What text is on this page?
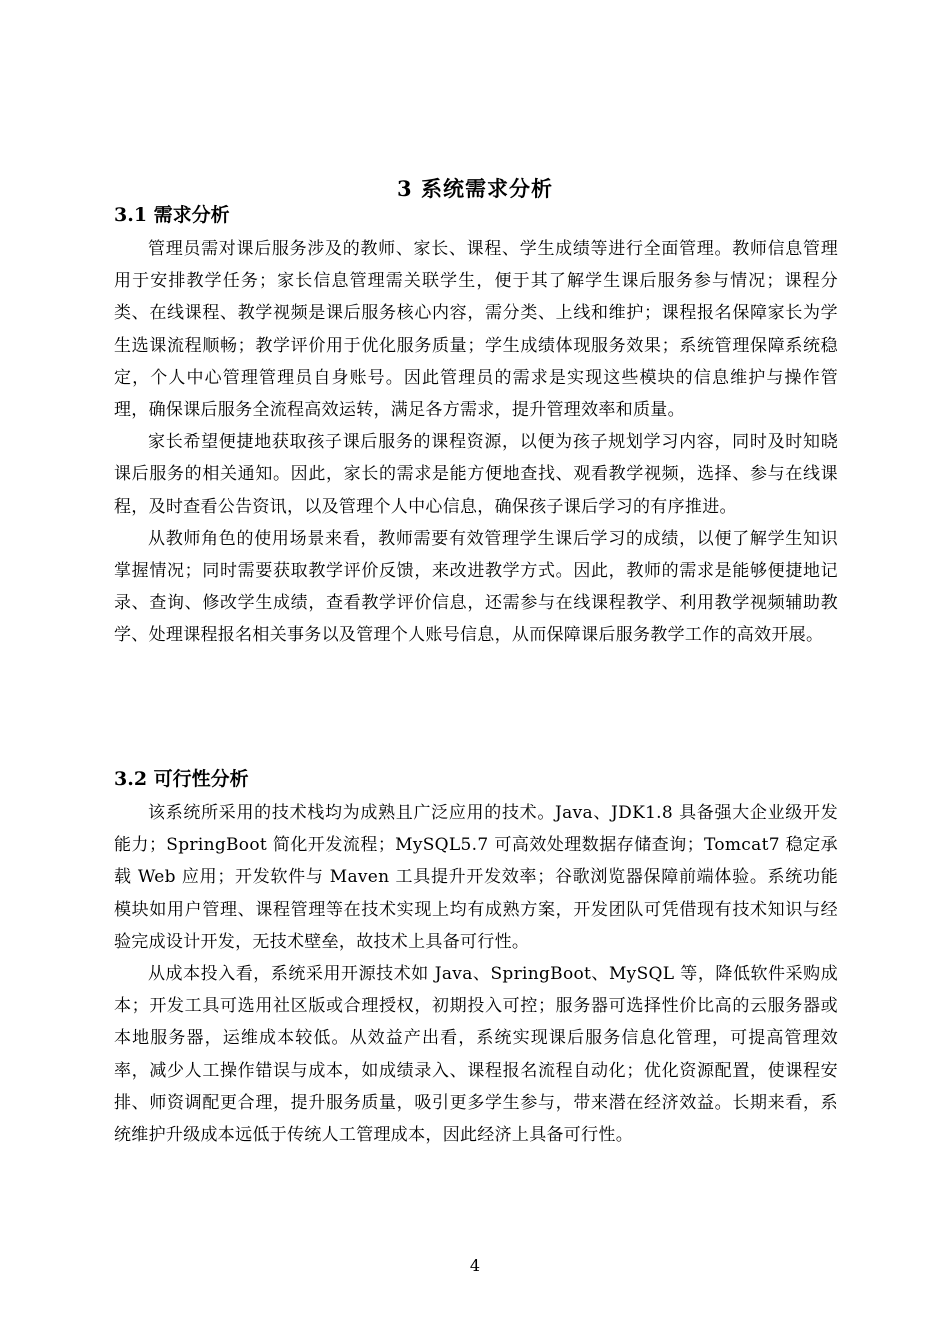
3 系统需求分析
3.1 需求分析

管理员需对课后服务涉及的教师、家长、课程、学生成绩等进行全面管理。教师信息管理用于安排教学任务；家长信息管理需关联学生，便于其了解学生课后服务参与情况；课程分类、在线课程、教学视频是课后服务核心内容，需分类、上线和维护；课程报名保障家长为学生选课流程顺畅；教学评价用于优化服务质量；学生成绩体现服务效果；系统管理保障系统稳定，个人中心管理管理员自身账号。因此管理员的需求是实现这些模块的信息维护与操作管理，确保课后服务全流程高效运转，满足各方需求，提升管理效率和质量。

家长希望便捷地获取孩子课后服务的课程资源，以便为孩子规划学习内容，同时及时知晓课后服务的相关通知。因此，家长的需求是能方便地查找、观看教学视频，选择、参与在线课程，及时查看公告资讯，以及管理个人中心信息，确保孩子课后学习的有序推进。

从教师角色的使用场景来看，教师需要有效管理学生课后学习的成绩，以便了解学生知识掌握情况；同时需要获取教学评价反馈，来改进教学方式。因此，教师的需求是能够便捷地记录、查询、修改学生成绩，查看教学评价信息，还需参与在线课程教学、利用教学视频辅助教学、处理课程报名相关事务以及管理个人账号信息，从而保障课后服务教学工作的高效开展。

3.2 可行性分析

该系统所采用的技术栈均为成熟且广泛应用的技术。Java、JDK1.8 具备强大企业级开发能力；SpringBoot 简化开发流程；MySQL5.7 可高效处理数据存储查询；Tomcat7 稳定承载 Web 应用；开发软件与 Maven 工具提升开发效率；谷歌浏览器保障前端体验。系统功能模块如用户管理、课程管理等在技术实现上均有成熟方案，开发团队可凭借现有技术知识与经验完成设计开发，无技术壁垒，故技术上具备可行性。

从成本投入看，系统采用开源技术如 Java、SpringBoot、MySQL 等，降低软件采购成本；开发工具可选用社区版或合理授权，初期投入可控；服务器可选择性价比高的云服务器或本地服务器，运维成本较低。从效益产出看，系统实现课后服务信息化管理，可提高管理效率，减少人工操作错误与成本，如成绩录入、课程报名流程自动化；优化资源配置，使课程安排、师资调配更合理，提升服务质量，吸引更多学生参与，带来潜在经济效益。长期来看，系统维护升级成本远低于传统人工管理成本，因此经济上具备可行性。

4
